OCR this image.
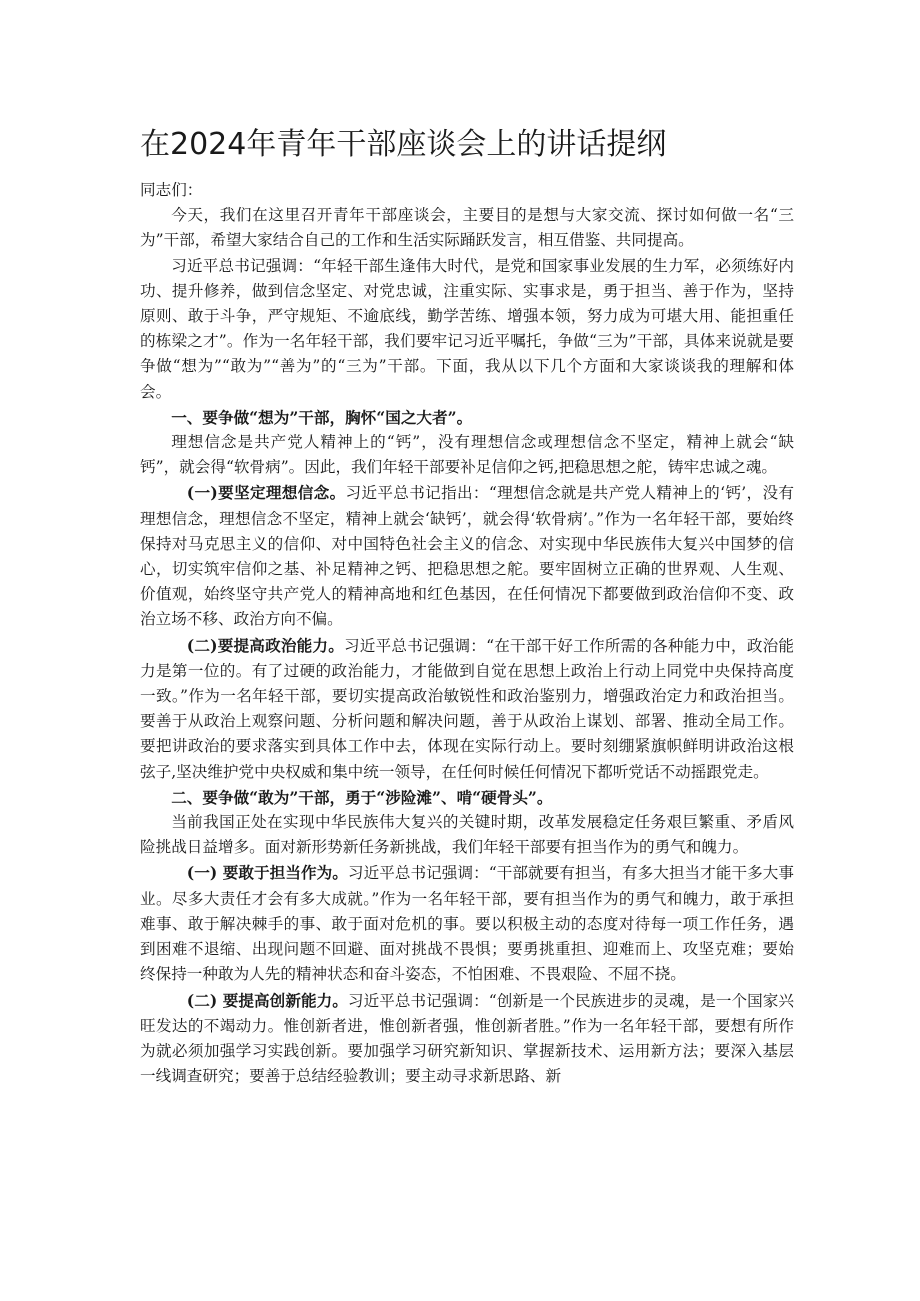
在2024年青年干部座谈会上的讲话提纲

同志们：

今天，我们在这里召开青年干部座谈会，主要目的是想与大家交流、探讨如何做一名“三为”干部，希望大家结合自己的工作和生活实际踊跃发言，相互借鉴、共同提高。

习近平总书记强调：“年轻干部生逢伟大时代，是党和国家事业发展的生力军，必须练好内功、提升修养，做到信念坚定、对党忠诚，注重实际、实事求是，勇于担当、善于作为，坚持原则、敢于斗争，严守规矩、不逾底线，勤学苦练、增强本领，努力成为可堪大用、能担重任的栋梁之才”。作为一名年轻干部，我们要牢记习近平嘱托，争做“三为”干部，具体来说就是要争做“想为”“敢为”“善为”的“三为”干部。下面，我从以下几个方面和大家谈谈我的理解和体会。

一、要争做“想为”干部，胸怀“国之大者”。

理想信念是共产党人精神上的“钙”，没有理想信念或理想信念不坚定，精神上就会“缺钙”，就会得“软骨病”。因此，我们年轻干部要补足信仰之钙,把稳思想之舵，铸牢忠诚之魂。

(一)要坚定理想信念。习近平总书记指出：“理想信念就是共产党人精神上的‘钙’，没有理想信念，理想信念不坚定，精神上就会‘缺钙’，就会得‘软骨病’。”作为一名年轻干部，要始终保持对马克思主义的信仰、对中国特色社会主义的信念、对实现中华民族伟大复兴中国梦的信心，切实筑牢信仰之基、补足精神之钙、把稳思想之舵。要牢固树立正确的世界观、人生观、价值观，始终坚守共产党人的精神高地和红色基因，在任何情况下都要做到政治信仰不变、政治立场不移、政治方向不偏。

(二)要提高政治能力。习近平总书记强调：“在干部干好工作所需的各种能力中，政治能力是第一位的。有了过硬的政治能力，才能做到自觉在思想上政治上行动上同党中央保持高度一致。”作为一名年轻干部，要切实提高政治敏锐性和政治鉴别力，增强政治定力和政治担当。要善于从政治上观察问题、分析问题和解决问题，善于从政治上谋划、部署、推动全局工作。要把讲政治的要求落实到具体工作中去，体现在实际行动上。要时刻绷紧旗帜鲜明讲政治这根弦子,坚决维护党中央权威和集中统一领导，在任何时候任何情况下都听党话不动摇跟党走。

二、要争做“敢为”干部，勇于“涉险滩”、啃“硬骨头”。

当前我国正处在实现中华民族伟大复兴的关键时期，改革发展稳定任务艰巨繁重、矛盾风险挑战日益增多。面对新形势新任务新挑战，我们年轻干部要有担当作为的勇气和魄力。

(一) 要敢于担当作为。习近平总书记强调：“干部就要有担当，有多大担当才能干多大事业。尽多大责任才会有多大成就。”作为一名年轻干部，要有担当作为的勇气和魄力，敢于承担难事、敢于解决棘手的事、敢于面对危机的事。要以积极主动的态度对待每一项工作任务，遇到困难不退缩、出现问题不回避、面对挑战不畏惧；要勇挑重担、迎难而上、攻坚克难；要始终保持一种敢为人先的精神状态和奋斗姿态，不怕困难、不畏艰险、不屈不挠。

(二) 要提高创新能力。习近平总书记强调：“创新是一个民族进步的灵魂，是一个国家兴旺发达的不竭动力。惟创新者进，惟创新者强，惟创新者胜。”作为一名年轻干部，要想有所作为就必须加强学习实践创新。要加强学习研究新知识、掌握新技术、运用新方法；要深入基层一线调查研究；要善于总结经验教训；要主动寻求新思路、新
